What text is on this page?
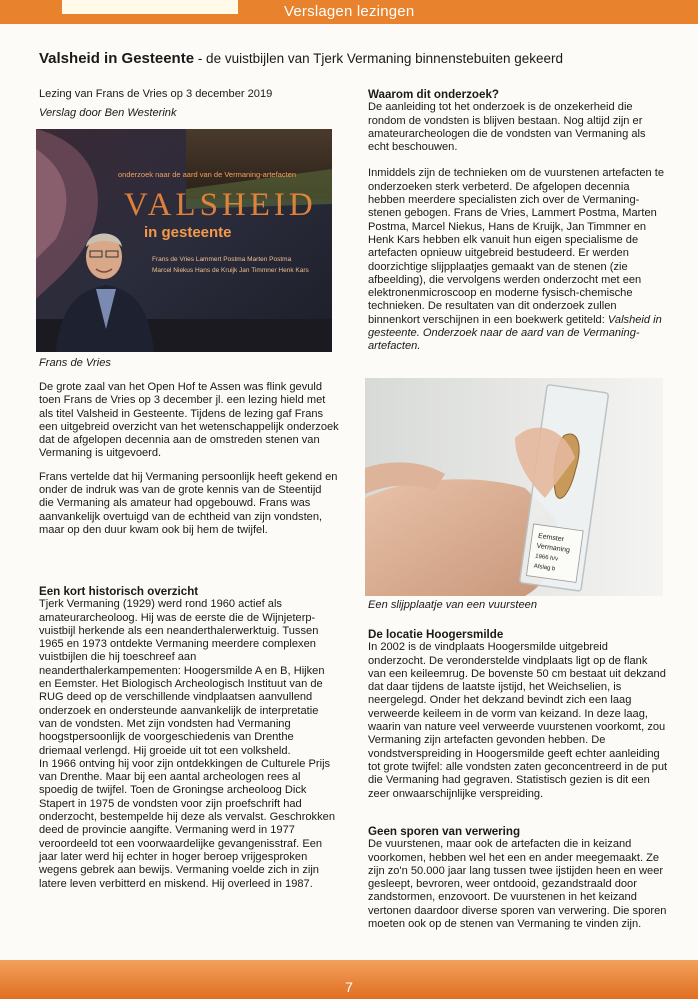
Verslagen lezingen
Valsheid in Gesteente - de vuistbijlen van Tjerk Vermaning binnenstebuiten gekeerd

Lezing van Frans de Vries op 3 december 2019

Verslag door Ben Westerink

onderzoek naar de aard van de Vermaning-artefacten
VALSHEID
in gesteente
Frans de Vries Lammert Postma Marten Postma
Marcel Niekus Hans de Kruijk Jan Timmner Henk Kars
Frans de Vries

De grote zaal van het Open Hof te Assen was flink gevuld toen Frans de Vries op 3 december jl. een lezing hield met als titel Valsheid in Gesteente. Tijdens de lezing gaf Frans een uitgebreid overzicht van het wetenschappelijk onderzoek dat de afgelopen decennia aan de omstreden stenen van Vermaning is uitgevoerd.

Frans vertelde dat hij Vermaning persoonlijk heeft gekend en onder de indruk was van de grote kennis van de Steentijd die Vermaning als amateur had opgebouwd. Frans was aanvankelijk overtuigd van de echtheid van zijn vondsten, maar op den duur kwam ook bij hem de twijfel.

Een kort historisch overzicht

Tjerk Vermaning (1929) werd rond 1960 actief als amateurarcheoloog. Hij was de eerste die de Wijnjeterp-vuistbijl herkende als een neanderthalerwerktuig. Tussen 1965 en 1973 ontdekte Vermaning meerdere complexen vuistbijlen die hij toeschreef aan neanderthalerkampementen: Hoogersmilde A en B, Hijken en Eemster. Het Biologisch Archeologisch Instituut van de RUG deed op de verschillende vindplaatsen aanvullend onderzoek en ondersteunde aanvankelijk de interpretatie van de vondsten. Met zijn vondsten had Vermaning hoogstpersoonlijk de voorgeschiedenis van Drenthe driemaal verlengd. Hij groeide uit tot een volksheld.

In 1966 ontving hij voor zijn ontdekkingen de Culturele Prijs van Drenthe. Maar bij een aantal archeologen rees al spoedig de twijfel. Toen de Groningse archeoloog Dick Stapert in 1975 de vondsten voor zijn proefschrift had onderzocht, bestempelde hij deze als vervalst. Geschrokken deed de provincie aangifte. Vermaning werd in 1977 veroordeeld tot een voorwaardelijke gevangenisstraf. Een jaar later werd hij echter in hoger beroep vrijgesproken wegens gebrek aan bewijs. Vermaning voelde zich in zijn latere leven verbitterd en miskend. Hij overleed in 1987.

Waarom dit onderzoek?

De aanleiding tot het onderzoek is de onzekerheid die rondom de vondsten is blijven bestaan. Nog altijd zijn er amateurarcheologen die de vondsten van Vermaning als echt beschouwen.

Inmiddels zijn de technieken om de vuurstenen artefacten te onderzoeken sterk verbeterd. De afgelopen decennia hebben meerdere specialisten zich over de Vermaning-stenen gebogen. Frans de Vries, Lammert Postma, Marten Postma, Marcel Niekus, Hans de Kruijk, Jan Timmner en Henk Kars hebben elk vanuit hun eigen specialisme de artefacten opnieuw uitgebreid bestudeerd. Er werden doorzichtige slijpplaatjes gemaakt van de stenen (zie afbeelding), die vervolgens werden onderzocht met een elektronenmicroscoop en moderne fysisch-chemische technieken. De resultaten van dit onderzoek zullen binnenkort verschijnen in een boekwerk getiteld: Valsheid in gesteente. Onderzoek naar de aard van de Vermaning-artefacten.

Eemster
Vermaning
1966 h/v
Afslag b
Een slijpplaatje van een vuursteen
De locatie Hoogersmilde

In 2002 is de vindplaats Hoogersmilde uitgebreid onderzocht. De veronderstelde vindplaats ligt op de flank van een keileemrug. De bovenste 50 cm bestaat uit dekzand dat daar tijdens de laatste ijstijd, het Weichselien, is neergelegd. Onder het dekzand bevindt zich een laag verweerde keileem in de vorm van keizand. In deze laag, waarin van nature veel verweerde vuurstenen voorkomt, zou Vermaning zijn artefacten gevonden hebben. De vondstverspreiding in Hoogersmilde geeft echter aanleiding tot grote twijfel: alle vondsten zaten geconcentreerd in de put die Vermaning had gegraven. Statistisch gezien is dit een zeer onwaarschijnlijke verspreiding.

Geen sporen van verwering

De vuurstenen, maar ook de artefacten die in keizand voorkomen, hebben wel het een en ander meegemaakt. Ze zijn zo'n 50.000 jaar lang tussen twee ijstijden heen en weer gesleept, bevroren, weer ontdooid, gezandstraald door zandstormen, enzovoort. De vuurstenen in het keizand vertonen daardoor diverse sporen van verwering. Die sporen moeten ook op de stenen van Vermaning te vinden zijn.

7
